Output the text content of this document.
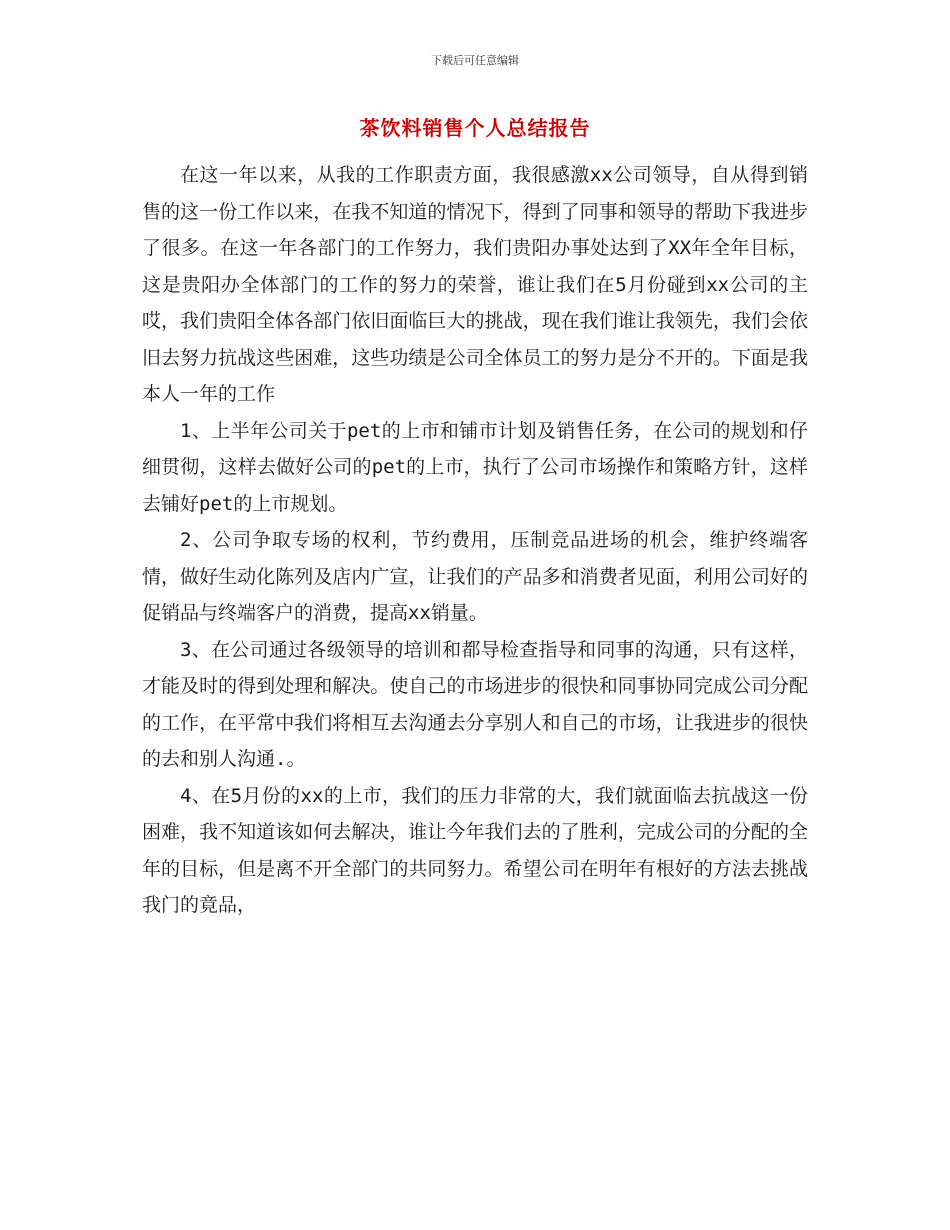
下载后可任意编辑
茶饮料销售个人总结报告

在这一年以来，从我的工作职责方面，我很感激xx公司领导，自从得到销售的这一份工作以来，在我不知道的情况下，得到了同事和领导的帮助下我进步了很多。在这一年各部门的工作努力，我们贵阳办事处达到了XX年全年目标，这是贵阳办全体部门的工作的努力的荣誉，谁让我们在5月份碰到xx公司的主哎，我们贵阳全体各部门依旧面临巨大的挑战，现在我们谁让我领先，我们会依旧去努力抗战这些困难，这些功绩是公司全体员工的努力是分不开的。下面是我本人一年的工作

1、上半年公司关于pet的上市和铺市计划及销售任务，在公司的规划和仔细贯彻，这样去做好公司的pet的上市，执行了公司市场操作和策略方针，这样去铺好pet的上市规划。

2、公司争取专场的权利，节约费用，压制竞品进场的机会，维护终端客情，做好生动化陈列及店内广宣，让我们的产品多和消费者见面，利用公司好的促销品与终端客户的消费，提高xx销量。

3、在公司通过各级领导的培训和都导检查指导和同事的沟通，只有这样，才能及时的得到处理和解决。使自己的市场进步的很快和同事协同完成公司分配的工作，在平常中我们将相互去沟通去分享别人和自己的市场，让我进步的很快的去和别人沟通.。

4、在5月份的xx的上市，我们的压力非常的大，我们就面临去抗战这一份困难，我不知道该如何去解决，谁让今年我们去的了胜利，完成公司的分配的全年的目标，但是离不开全部门的共同努力。希望公司在明年有根好的方法去挑战我门的竟品，
